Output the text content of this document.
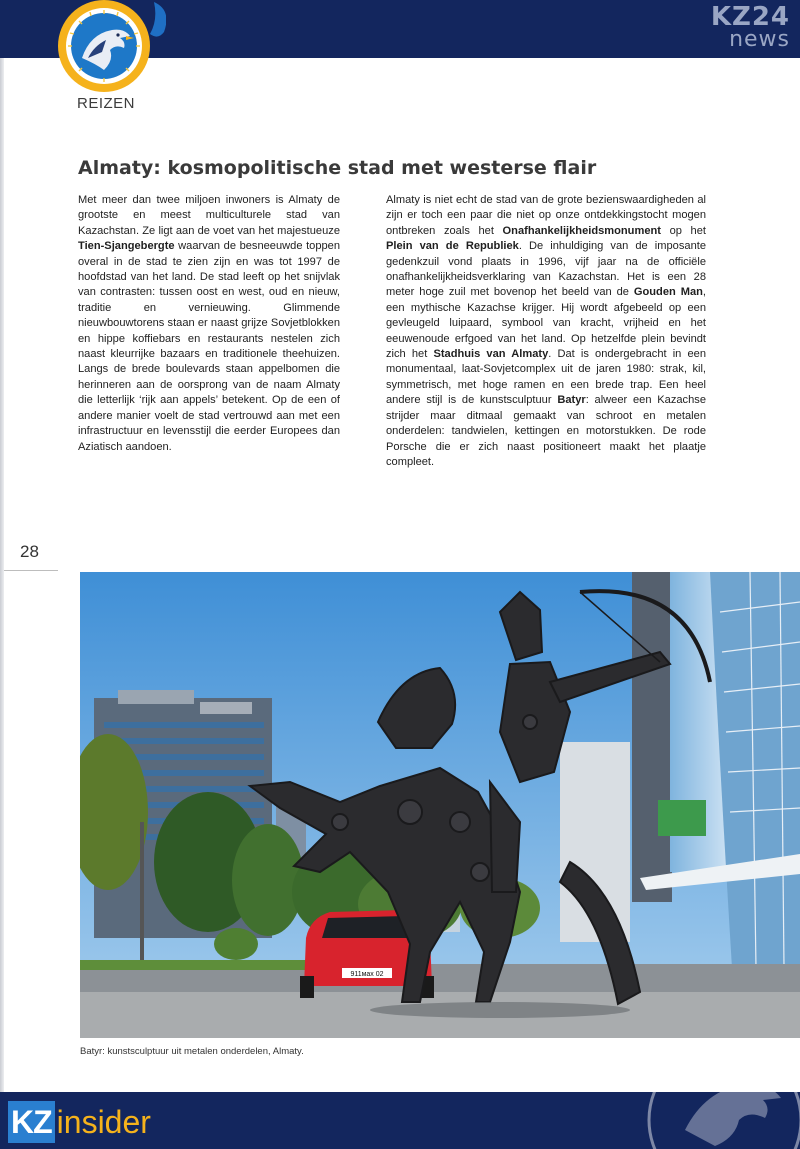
KZ24
news
REIZEN
Almaty: kosmopolitische stad met westerse flair
Met meer dan twee miljoen inwoners is Almaty de grootste en meest multiculturele stad van Kazachstan. Ze ligt aan de voet van het majestueuze Tien-Sjangebergte waarvan de besneeuwde toppen overal in de stad te zien zijn en was tot 1997 de hoofdstad van het land. De stad leeft op het snijvlak van contrasten: tussen oost en west, oud en nieuw, traditie en vernieuwing. Glimmende nieuwbouwtorens staan er naast grijze Sovjetblokken en hippe koffiebars en restaurants nestelen zich naast kleurrijke bazaars en traditionele theehuizen. Langs de brede boulevards staan appelbomen die herinneren aan de oorsprong van de naam Almaty die letterlijk ‘rijk aan appels’ betekent. Op de een of andere manier voelt de stad vertrouwd aan met een infrastructuur en levensstijl die eerder Europees dan Aziatisch aandoen.
Almaty is niet echt de stad van de grote bezienswaardigheden al zijn er toch een paar die niet op onze ontdekkingstocht mogen ontbreken zoals het Onafhankelijkheidsmonument op het Plein van de Republiek. De inhuldiging van de imposante gedenkzuil vond plaats in 1996, vijf jaar na de officiële onafhankelijkheidsverklaring van Kazachstan. Het is een 28 meter hoge zuil met bovenop het beeld van de Gouden Man, een mythische Kazachse krijger. Hij wordt afgebeeld op een gevleugeld luipaard, symbool van kracht, vrijheid en het eeuwenoude erfgoed van het land. Op hetzelfde plein bevindt zich het Stadhuis van Almaty. Dat is ondergebracht in een monumentaal, laat-Sovjetcomplex uit de jaren 1980: strak, kil, symmetrisch, met hoge ramen en een brede trap. Een heel andere stijl is de kunstsculptuur Batyr: alweer een Kazachse strijder maar ditmaal gemaakt van schroot en metalen onderdelen: tandwielen, kettingen en motorstukken. De rode Porsche die er zich naast positioneert maakt het plaatje compleet.
28
911мах 02
Batyr: kunstsculptuur uit metalen onderdelen, Almaty.
KZ insider
